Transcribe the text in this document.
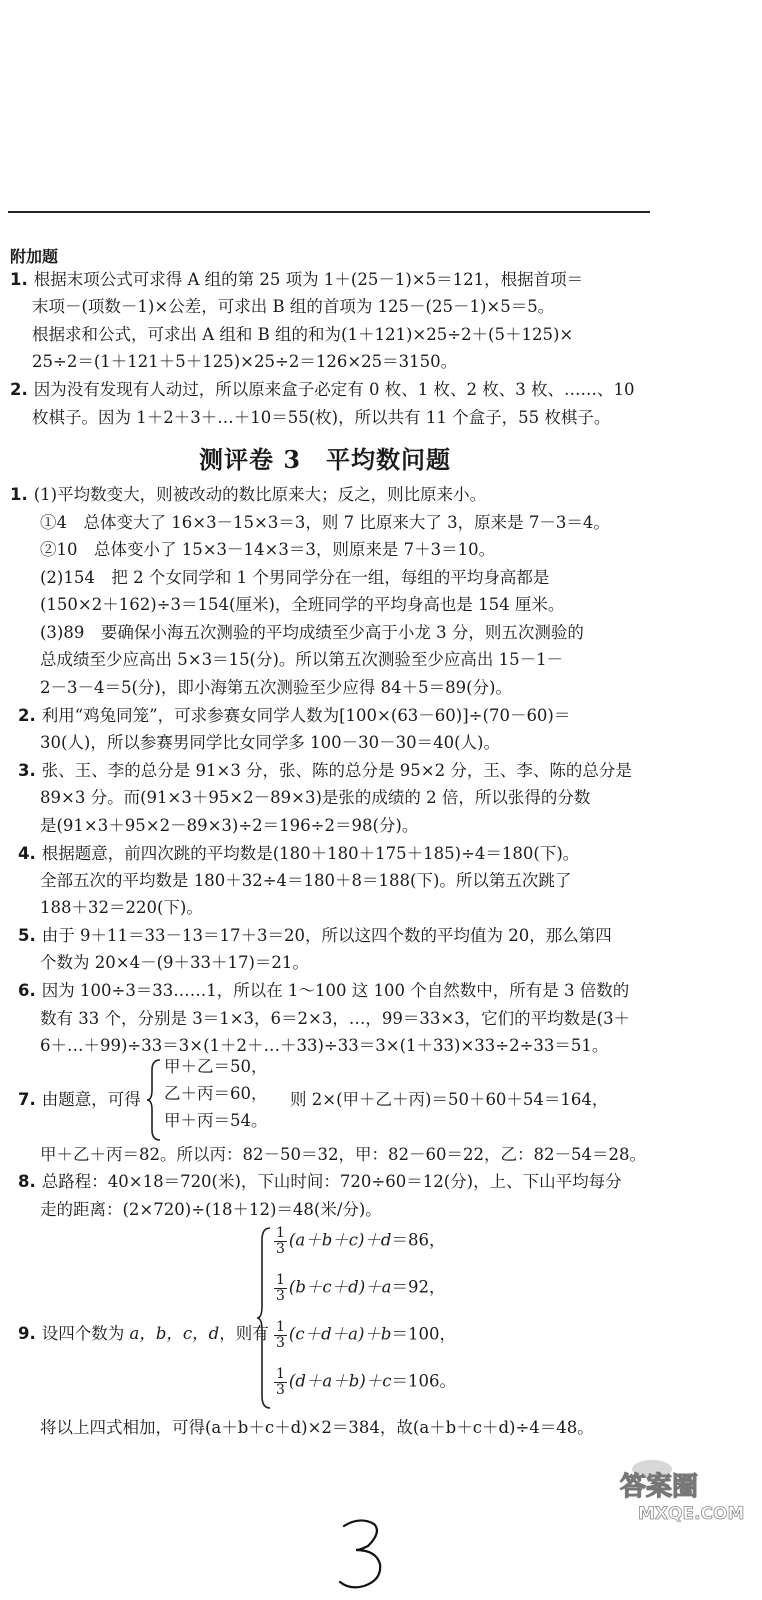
附加题
1. 根据末项公式可求得 A 组的第 25 项为 1＋(25－1)×5＝121，根据首项＝
末项－(项数－1)×公差，可求出 B 组的首项为 125－(25－1)×5＝5。
根据求和公式，可求出 A 组和 B 组的和为(1＋121)×25÷2＋(5＋125)×
25÷2＝(1＋121＋5＋125)×25÷2＝126×25＝3150。
2. 因为没有发现有人动过，所以原来盒子必定有 0 枚、1 枚、2 枚、3 枚、……、10
枚棋子。因为 1＋2＋3＋…＋10＝55(枚)，所以共有 11 个盒子，55 枚棋子。
测评卷 3　平均数问题
1. (1)平均数变大，则被改动的数比原来大；反之，则比原来小。
①4　总体变大了 16×3－15×3＝3，则 7 比原来大了 3，原来是 7－3＝4。
②10　总体变小了 15×3－14×3＝3，则原来是 7＋3＝10。
(2)154　把 2 个女同学和 1 个男同学分在一组，每组的平均身高都是
(150×2＋162)÷3＝154(厘米)，全班同学的平均身高也是 154 厘米。
(3)89　要确保小海五次测验的平均成绩至少高于小龙 3 分，则五次测验的
总成绩至少应高出 5×3＝15(分)。所以第五次测验至少应高出 15－1－
2－3－4＝5(分)，即小海第五次测验至少应得 84＋5＝89(分)。
2. 利用“鸡兔同笼”，可求参赛女同学人数为[100×(63－60)]÷(70－60)＝
30(人)，所以参赛男同学比女同学多 100－30－30＝40(人)。
3. 张、王、李的总分是 91×3 分，张、陈的总分是 95×2 分，王、李、陈的总分是
89×3 分。而(91×3＋95×2－89×3)是张的成绩的 2 倍，所以张得的分数
是(91×3＋95×2－89×3)÷2＝196÷2＝98(分)。
4. 根据题意，前四次跳的平均数是(180＋180＋175＋185)÷4＝180(下)。
全部五次的平均数是 180＋32÷4＝180＋8＝188(下)。所以第五次跳了
188＋32＝220(下)。
5. 由于 9＋11＝33－13＝17＋3＝20，所以这四个数的平均值为 20，那么第四
个数为 20×4－(9＋33＋17)＝21。
6. 因为 100÷3＝33……1，所以在 1～100 这 100 个自然数中，所有是 3 倍数的
数有 33 个，分别是 3＝1×3，6＝2×3，…，99＝33×3，它们的平均数是(3＋
6＋…＋99)÷33＝3×(1＋2＋…＋33)÷33＝3×(1＋33)×33÷2÷33＝51。
7. 由题意，可得
甲＋乙＝50，
乙＋丙＝60，
甲＋丙＝54。
则 2×(甲＋乙＋丙)＝50＋60＋54＝164，
甲＋乙＋丙＝82。所以丙：82－50＝32，甲：82－60＝22，乙：82－54＝28。
8. 总路程：40×18＝720(米)，下山时间：720÷60＝12(分)，上、下山平均每分
走的距离：(2×720)÷(18＋12)＝48(米/分)。
9. 设四个数为 a，b，c，d，则有
$\frac{1}{3} (a+b+c)+d=86$，
$\frac{1}{3} (b+c+d)+a=92$，
$\frac{1}{3} (c+d+a)+b=100$，
$\frac{1}{3} (d+a+b)+c=106$。
将以上四式相加，可得(a＋b＋c＋d)×2＝384，故(a＋b＋c＋d)÷4＝48。
3
答案圈
MXQE.COM
